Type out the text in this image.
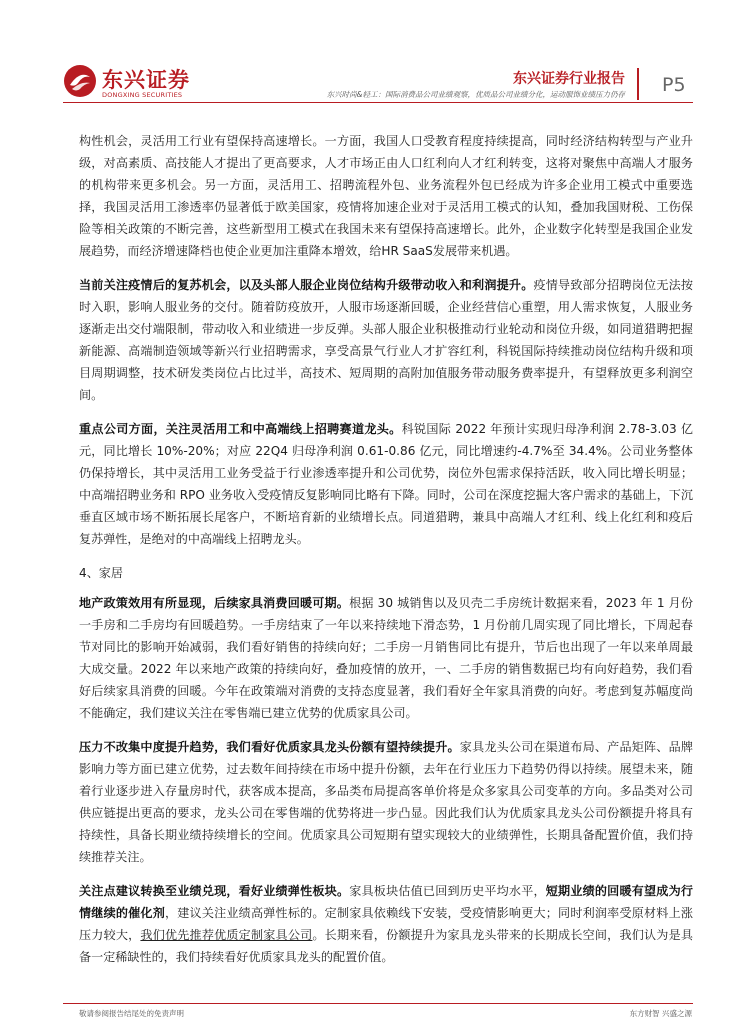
东兴证券
DONGXING SECURITIES
东兴证券行业报告
东兴时尚&轻工：国际消费品公司业绩观察，优质品公司业绩分化，运动服饰业绩压力仍存 P5

构性机会，灵活用工行业有望保持高速增长。一方面，我国人口受教育程度持续提高，同时经济结构转型与产业升级，对高素质、高技能人才提出了更高要求，人才市场正由人口红利向人才红利转变，这将对聚焦中高端人才服务的机构带来更多机会。另一方面，灵活用工、招聘流程外包、业务流程外包已经成为许多企业用工模式中重要选择，我国灵活用工渗透率仍显著低于欧美国家，疫情将加速企业对于灵活用工模式的认知，叠加我国财税、工伤保险等相关政策的不断完善，这些新型用工模式在我国未来有望保持高速增长。此外，企业数字化转型是我国企业发展趋势，而经济增速降档也使企业更加注重降本增效，给HR SaaS发展带来机遇。

当前关注疫情后的复苏机会，以及头部人服企业岗位结构升级带动收入和利润提升。疫情导致部分招聘岗位无法按时入职，影响人服业务的交付。随着防疫放开，人服市场逐渐回暖，企业经营信心重塑，用人需求恢复，人服业务逐渐走出交付端限制，带动收入和业绩进一步反弹。头部人服企业积极推动行业轮动和岗位升级，如同道猎聘把握新能源、高端制造领域等新兴行业招聘需求，享受高景气行业人才扩容红利，科锐国际持续推动岗位结构升级和项目周期调整，技术研发类岗位占比过半，高技术、短周期的高附加值服务带动服务费率提升，有望释放更多利润空间。

重点公司方面，关注灵活用工和中高端线上招聘赛道龙头。科锐国际 2022 年预计实现归母净利润 2.78-3.03 亿元，同比增长 10%-20%；对应 22Q4 归母净利润 0.61-0.86 亿元，同比增速约-4.7%至 34.4%。公司业务整体仍保持增长，其中灵活用工业务受益于行业渗透率提升和公司优势，岗位外包需求保持活跃，收入同比增长明显；中高端招聘业务和 RPO 业务收入受疫情反复影响同比略有下降。同时，公司在深度挖掘大客户需求的基础上，下沉垂直区域市场不断拓展长尾客户，不断培育新的业绩增长点。同道猎聘，兼具中高端人才红利、线上化红利和疫后复苏弹性，是绝对的中高端线上招聘龙头。

4、家居

地产政策效用有所显现，后续家具消费回暖可期。根据 30 城销售以及贝壳二手房统计数据来看，2023 年 1 月份一手房和二手房均有回暖趋势。一手房结束了一年以来持续地下滑态势，1 月份前几周实现了同比增长，下周起春节对同比的影响开始减弱，我们看好销售的持续向好；二手房一月销售同比有提升，节后也出现了一年以来单周最大成交量。2022 年以来地产政策的持续向好，叠加疫情的放开，一、二手房的销售数据已均有向好趋势，我们看好后续家具消费的回暖。今年在政策端对消费的支持态度显著，我们看好全年家具消费的向好。考虑到复苏幅度尚不能确定，我们建议关注在零售端已建立优势的优质家具公司。

压力不改集中度提升趋势，我们看好优质家具龙头份额有望持续提升。家具龙头公司在渠道布局、产品矩阵、品牌影响力等方面已建立优势，过去数年间持续在市场中提升份额，去年在行业压力下趋势仍得以持续。展望未来，随着行业逐步进入存量房时代，获客成本提高，多品类布局提高客单价将是众多家具公司变革的方向。多品类对公司供应链提出更高的要求，龙头公司在零售端的优势将进一步凸显。因此我们认为优质家具龙头公司份额提升将具有持续性，具备长期业绩持续增长的空间。优质家具公司短期有望实现较大的业绩弹性，长期具备配置价值，我们持续推荐关注。

关注点建议转换至业绩兑现，看好业绩弹性板块。家具板块估值已回到历史平均水平，短期业绩的回暖有望成为行情继续的催化剂，建议关注业绩高弹性标的。定制家具依赖线下安装，受疫情影响更大；同时利润率受原材料上涨压力较大，我们优先推荐优质定制家具公司。长期来看，份额提升为家具龙头带来的长期成长空间，我们认为是具备一定稀缺性的，我们持续看好优质家具龙头的配置价值。

敬请参阅报告结尾处的免责声明	东方财智 兴盛之源
